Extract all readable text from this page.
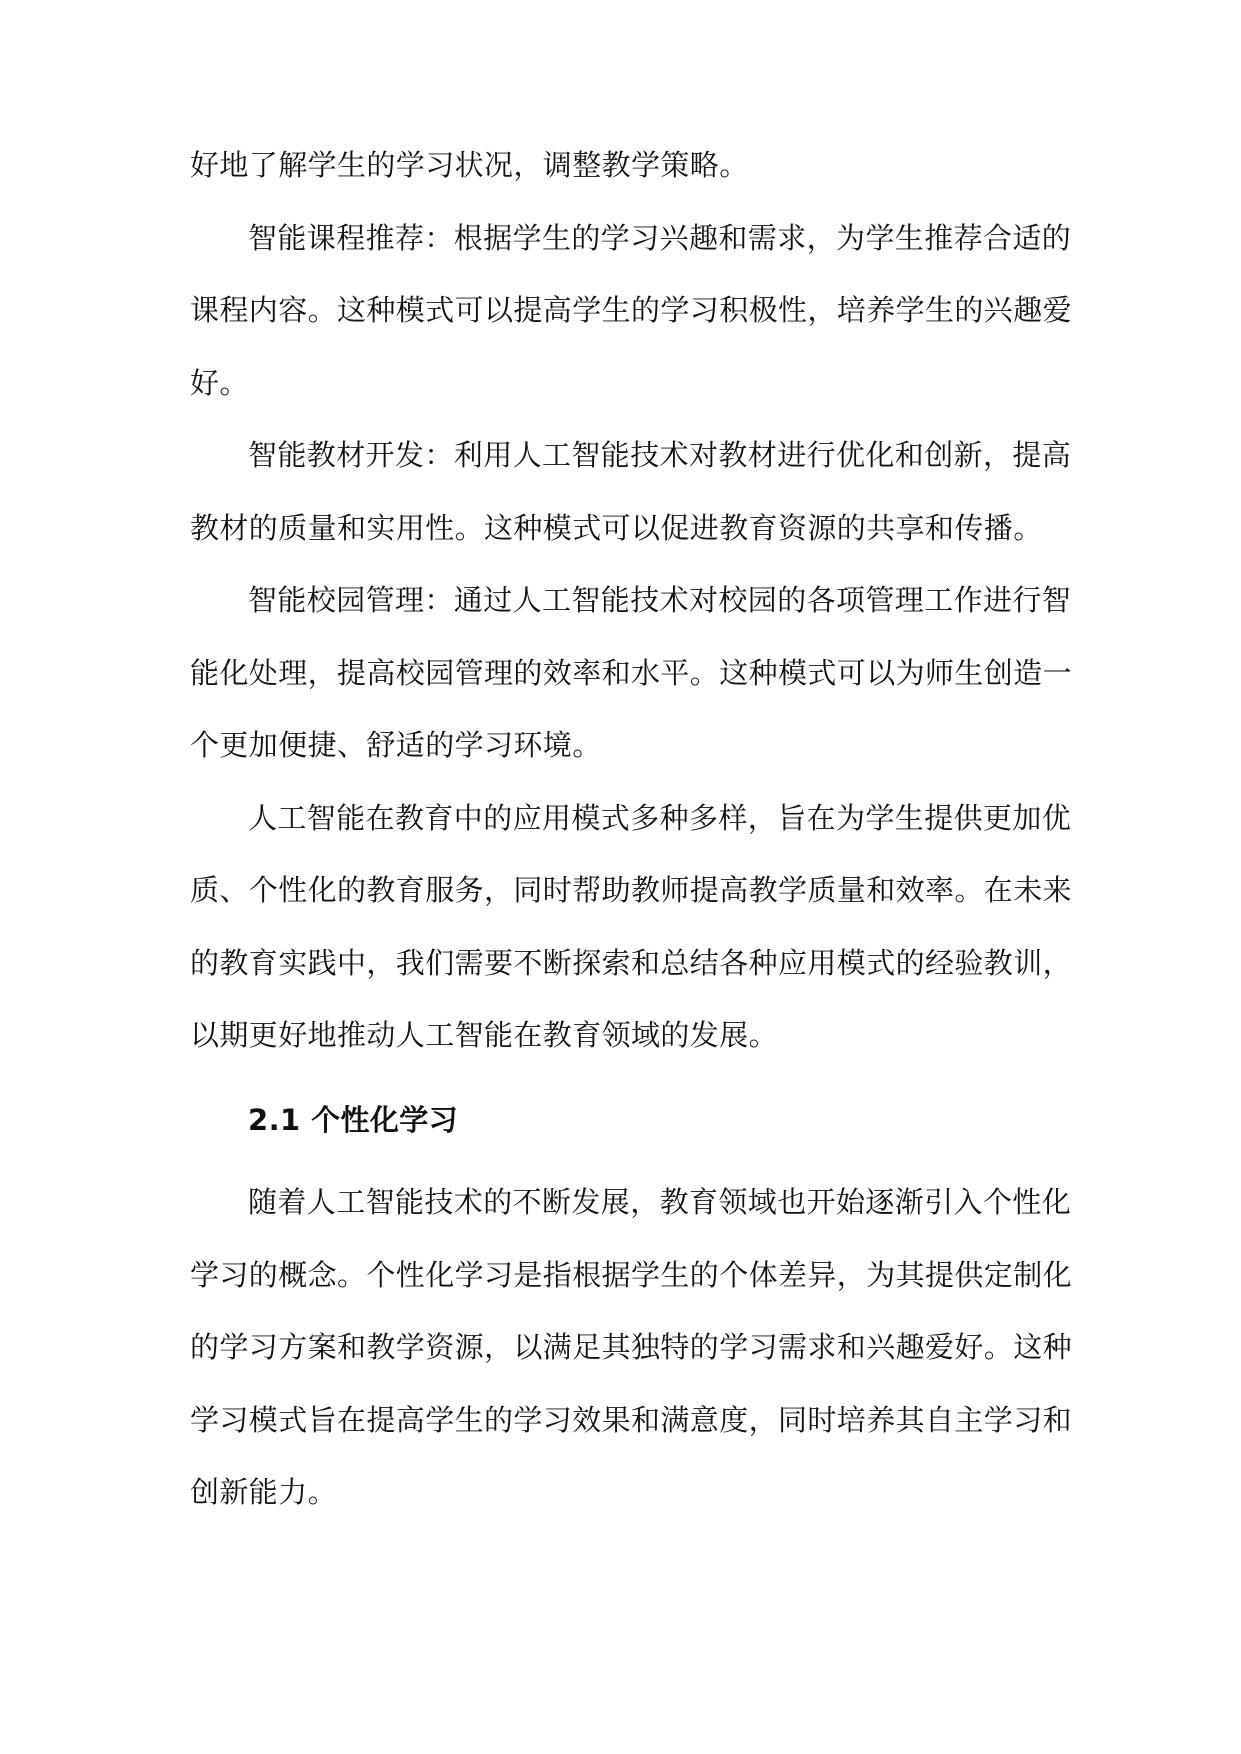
好地了解学生的学习状况，调整教学策略。
智能课程推荐：根据学生的学习兴趣和需求，为学生推荐合适的
课程内容。这种模式可以提高学生的学习积极性，培养学生的兴趣爱
好。
智能教材开发：利用人工智能技术对教材进行优化和创新，提高
教材的质量和实用性。这种模式可以促进教育资源的共享和传播。
智能校园管理：通过人工智能技术对校园的各项管理工作进行智
能化处理，提高校园管理的效率和水平。这种模式可以为师生创造一
个更加便捷、舒适的学习环境。
人工智能在教育中的应用模式多种多样，旨在为学生提供更加优
质、个性化的教育服务，同时帮助教师提高教学质量和效率。在未来
的教育实践中，我们需要不断探索和总结各种应用模式的经验教训，
以期更好地推动人工智能在教育领域的发展。
2.1 个性化学习
随着人工智能技术的不断发展，教育领域也开始逐渐引入个性化
学习的概念。个性化学习是指根据学生的个体差异，为其提供定制化
的学习方案和教学资源，以满足其独特的学习需求和兴趣爱好。这种
学习模式旨在提高学生的学习效果和满意度，同时培养其自主学习和
创新能力。
